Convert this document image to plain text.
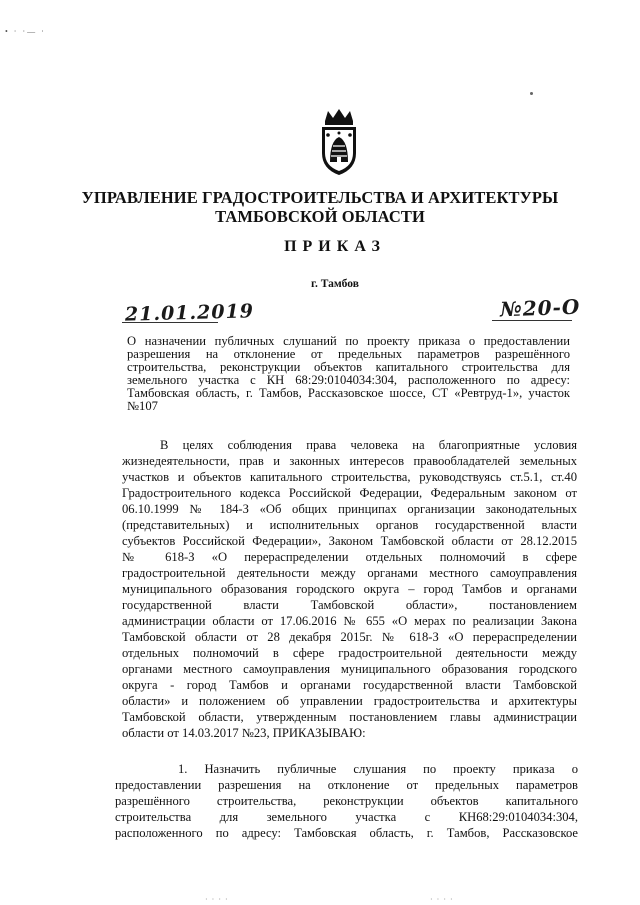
• · ·— ·
УПРАВЛЕНИЕ ГРАДОСТРОИТЕЛЬСТВА И АРХИТЕКТУРЫ
ТАМБОВСКОЙ ОБЛАСТИ
ПРИКАЗ
г. Тамбов
21.01.2019	№20-О
О назначении публичных слушаний по проекту приказа о предоставлении
разрешения на отклонение от предельных параметров разрешённого
строительства, реконструкции объектов капитального строительства для
земельного участка с КН 68:29:0104034:304, расположенного по адресу:
Тамбовская область, г. Тамбов, Рассказовское шоссе, СТ «Ревтруд-1», участок
№107
В целях соблюдения права человека на благоприятные условия
жизнедеятельности, прав и законных интересов правообладателей земельных
участков и объектов капитального строительства, руководствуясь ст.5.1, ст.40
Градостроительного кодекса Российской Федерации, Федеральным законом от
06.10.1999 № 184-З «Об общих принципах организации законодательных
(представительных) и исполнительных органов государственной власти
субъектов Российской Федерации», Законом Тамбовской области от 28.12.2015
№ 618-З «О перераспределении отдельных полномочий в сфере
градостроительной деятельности между органами местного самоуправления
муниципального образования городского округа – город Тамбов и органами
государственной власти Тамбовской области», постановлением
администрации области от 17.06.2016 № 655 «О мерах по реализации Закона
Тамбовской области от 28 декабря 2015г. № 618-З «О перераспределении
отдельных полномочий в сфере градостроительной деятельности между
органами местного самоуправления муниципального образования городского
округа - город Тамбов и органами государственной власти Тамбовской
области» и положением об управлении градостроительства и архитектуры
Тамбовской области, утвержденным постановлением главы администрации
области от 14.03.2017 №23, ПРИКАЗЫВАЮ:
1. Назначить публичные слушания по проекту приказа о
предоставлении разрешения на отклонение от предельных параметров
разрешённого строительства, реконструкции объектов капитального
строительства для земельного участка с КН68:29:0104034:304,
расположенного по адресу: Тамбовская область, г. Тамбов, Рассказовское
· · · ·	· · · ·
